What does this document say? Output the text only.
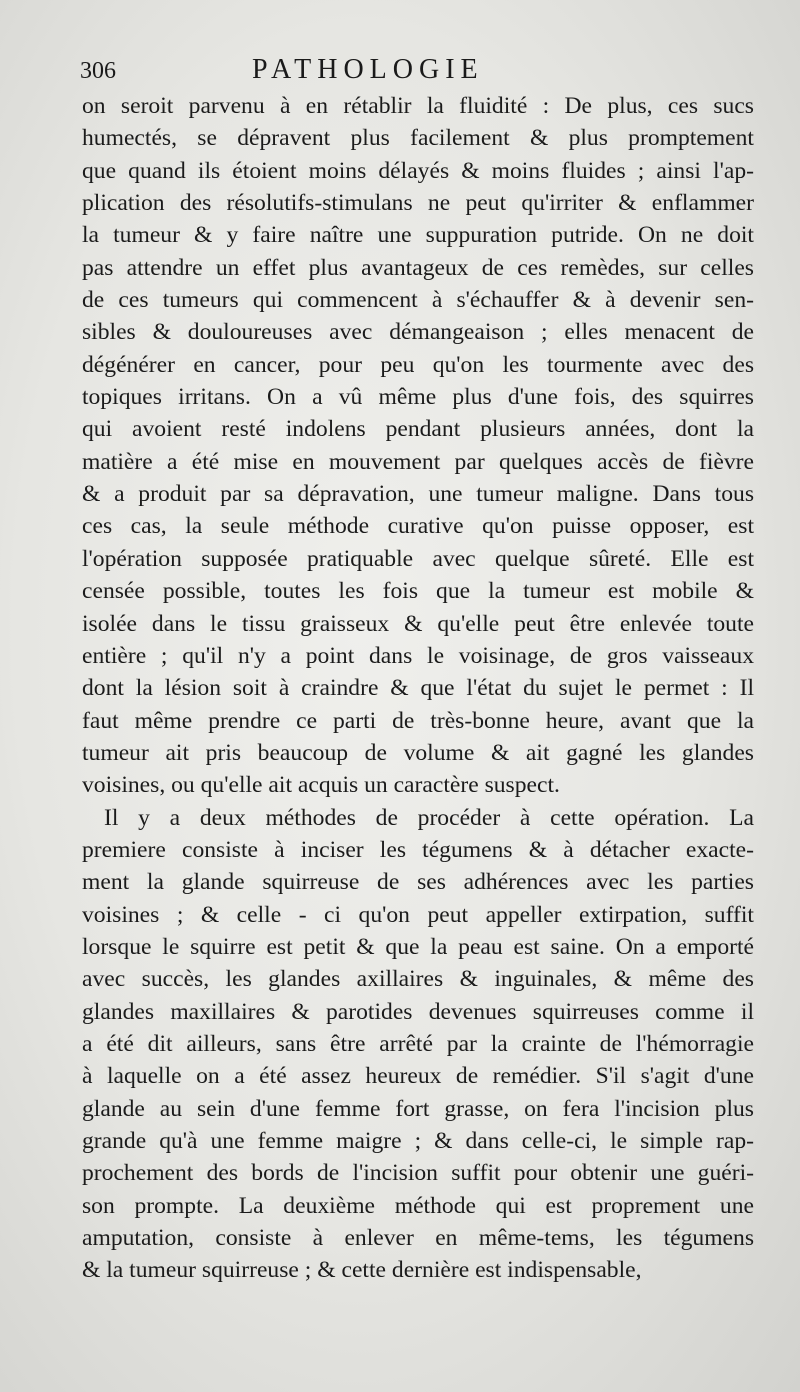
306	PATHOLOGIE
on seroit parvenu à en rétablir la fluidité : De plus, ces sucs
humectés, se dépravent plus facilement & plus promptement
que quand ils étoient moins délayés & moins fluides ; ainsi l'ap-
plication des résolutifs-stimulans ne peut qu'irriter & enflammer
la tumeur & y faire naître une suppuration putride. On ne doit
pas attendre un effet plus avantageux de ces remèdes, sur celles
de ces tumeurs qui commencent à s'échauffer & à devenir sen-
sibles & douloureuses avec démangeaison ; elles menacent de
dégénérer en cancer, pour peu qu'on les tourmente avec des
topiques irritans. On a vû même plus d'une fois, des squirres
qui avoient resté indolens pendant plusieurs années, dont la
matière a été mise en mouvement par quelques accès de fièvre
& a produit par sa dépravation, une tumeur maligne. Dans tous
ces cas, la seule méthode curative qu'on puisse opposer, est
l'opération supposée pratiquable avec quelque sûreté. Elle est
censée possible, toutes les fois que la tumeur est mobile &
isolée dans le tissu graisseux & qu'elle peut être enlevée toute
entière ; qu'il n'y a point dans le voisinage, de gros vaisseaux
dont la lésion soit à craindre & que l'état du sujet le permet : Il
faut même prendre ce parti de très-bonne heure, avant que la
tumeur ait pris beaucoup de volume & ait gagné les glandes
voisines, ou qu'elle ait acquis un caractère suspect.
Il y a deux méthodes de procéder à cette opération. La
premiere consiste à inciser les tégumens & à détacher exacte-
ment la glande squirreuse de ses adhérences avec les parties
voisines ; & celle - ci qu'on peut appeller extirpation, suffit
lorsque le squirre est petit & que la peau est saine. On a emporté
avec succès, les glandes axillaires & inguinales, & même des
glandes maxillaires & parotides devenues squirreuses comme il
a été dit ailleurs, sans être arrêté par la crainte de l'hémorragie
à laquelle on a été assez heureux de remédier. S'il s'agit d'une
glande au sein d'une femme fort grasse, on fera l'incision plus
grande qu'à une femme maigre ; & dans celle-ci, le simple rap-
prochement des bords de l'incision suffit pour obtenir une guéri-
son prompte. La deuxième méthode qui est proprement une
amputation, consiste à enlever en même-tems, les tégumens
& la tumeur squirreuse ; & cette dernière est indispensable,
